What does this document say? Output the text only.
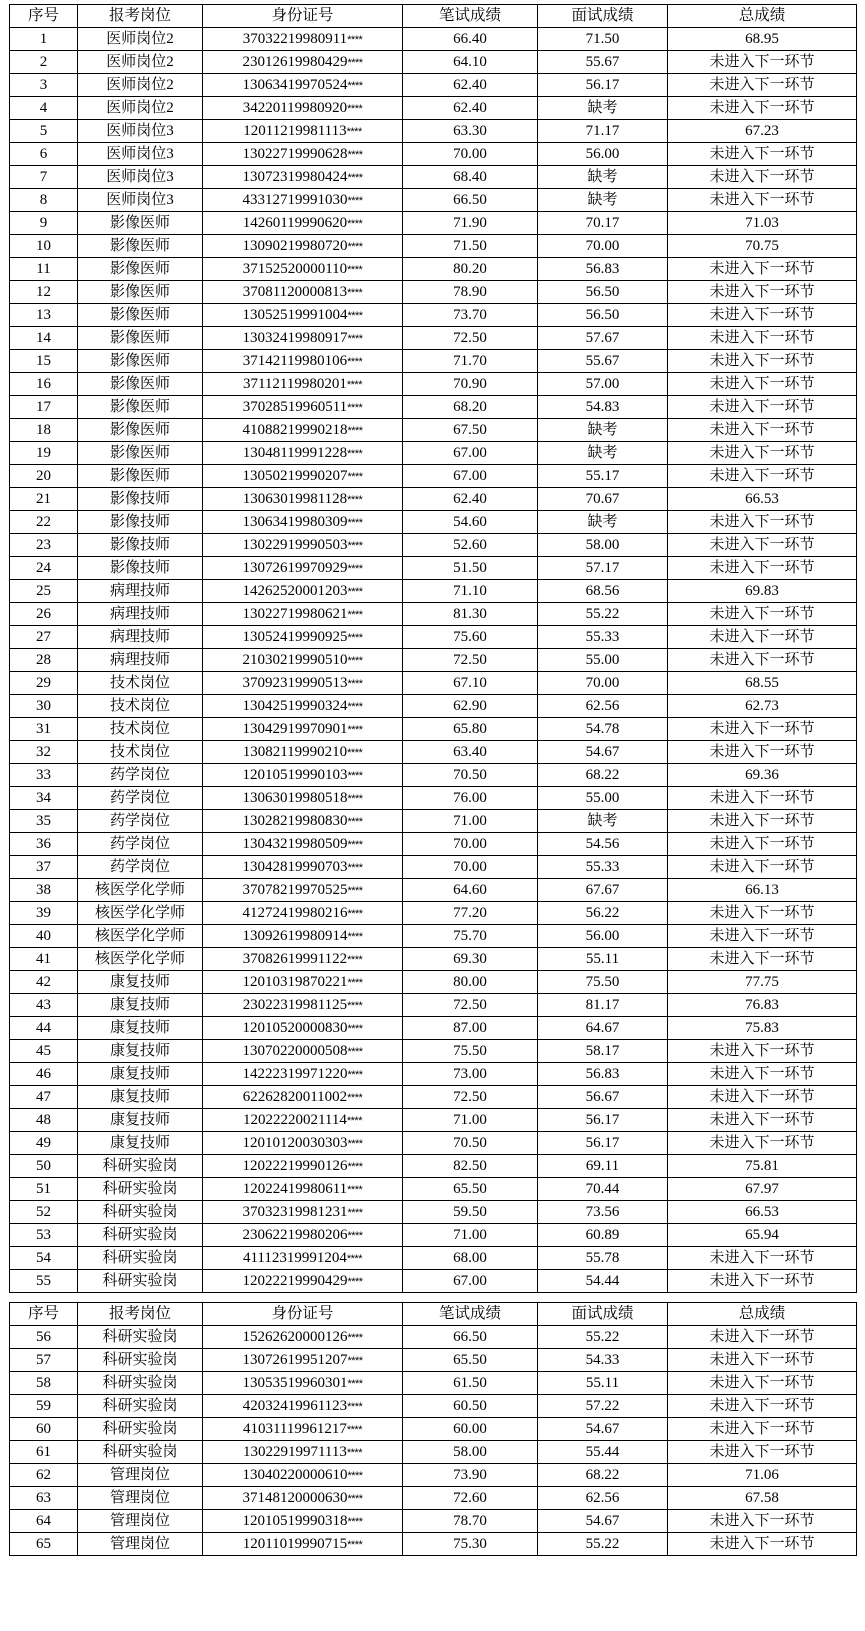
序号	报考岗位	身份证号	笔试成绩	面试成绩	总成绩
1	医师岗位2	37032219980911****	66.40	71.50	68.95
2	医师岗位2	23012619980429****	64.10	55.67	未进入下一环节
3	医师岗位2	13063419970524****	62.40	56.17	未进入下一环节
4	医师岗位2	34220119980920****	62.40	缺考	未进入下一环节
5	医师岗位3	12011219981113****	63.30	71.17	67.23
6	医师岗位3	13022719990628****	70.00	56.00	未进入下一环节
7	医师岗位3	13072319980424****	68.40	缺考	未进入下一环节
8	医师岗位3	43312719991030****	66.50	缺考	未进入下一环节
9	影像医师	14260119990620****	71.90	70.17	71.03
10	影像医师	13090219980720****	71.50	70.00	70.75
11	影像医师	37152520000110****	80.20	56.83	未进入下一环节
12	影像医师	37081120000813****	78.90	56.50	未进入下一环节
13	影像医师	13052519991004****	73.70	56.50	未进入下一环节
14	影像医师	13032419980917****	72.50	57.67	未进入下一环节
15	影像医师	37142119980106****	71.70	55.67	未进入下一环节
16	影像医师	37112119980201****	70.90	57.00	未进入下一环节
17	影像医师	37028519960511****	68.20	54.83	未进入下一环节
18	影像医师	41088219990218****	67.50	缺考	未进入下一环节
19	影像医师	13048119991228****	67.00	缺考	未进入下一环节
20	影像医师	13050219990207****	67.00	55.17	未进入下一环节
21	影像技师	13063019981128****	62.40	70.67	66.53
22	影像技师	13063419980309****	54.60	缺考	未进入下一环节
23	影像技师	13022919990503****	52.60	58.00	未进入下一环节
24	影像技师	13072619970929****	51.50	57.17	未进入下一环节
25	病理技师	14262520001203****	71.10	68.56	69.83
26	病理技师	13022719980621****	81.30	55.22	未进入下一环节
27	病理技师	13052419990925****	75.60	55.33	未进入下一环节
28	病理技师	21030219990510****	72.50	55.00	未进入下一环节
29	技术岗位	37092319990513****	67.10	70.00	68.55
30	技术岗位	13042519990324****	62.90	62.56	62.73
31	技术岗位	13042919970901****	65.80	54.78	未进入下一环节
32	技术岗位	13082119990210****	63.40	54.67	未进入下一环节
33	药学岗位	12010519990103****	70.50	68.22	69.36
34	药学岗位	13063019980518****	76.00	55.00	未进入下一环节
35	药学岗位	13028219980830****	71.00	缺考	未进入下一环节
36	药学岗位	13043219980509****	70.00	54.56	未进入下一环节
37	药学岗位	13042819990703****	70.00	55.33	未进入下一环节
38	核医学化学师	37078219970525****	64.60	67.67	66.13
39	核医学化学师	41272419980216****	77.20	56.22	未进入下一环节
40	核医学化学师	13092619980914****	75.70	56.00	未进入下一环节
41	核医学化学师	37082619991122****	69.30	55.11	未进入下一环节
42	康复技师	12010319870221****	80.00	75.50	77.75
43	康复技师	23022319981125****	72.50	81.17	76.83
44	康复技师	12010520000830****	87.00	64.67	75.83
45	康复技师	13070220000508****	75.50	58.17	未进入下一环节
46	康复技师	14222319971220****	73.00	56.83	未进入下一环节
47	康复技师	62262820011002****	72.50	56.67	未进入下一环节
48	康复技师	12022220021114****	71.00	56.17	未进入下一环节
49	康复技师	12010120030303****	70.50	56.17	未进入下一环节
50	科研实验岗	12022219990126****	82.50	69.11	75.81
51	科研实验岗	12022419980611****	65.50	70.44	67.97
52	科研实验岗	37032319981231****	59.50	73.56	66.53
53	科研实验岗	23062219980206****	71.00	60.89	65.94
54	科研实验岗	41112319991204****	68.00	55.78	未进入下一环节
55	科研实验岗	12022219990429****	67.00	54.44	未进入下一环节
序号	报考岗位	身份证号	笔试成绩	面试成绩	总成绩
56	科研实验岗	15262620000126****	66.50	55.22	未进入下一环节
57	科研实验岗	13072619951207****	65.50	54.33	未进入下一环节
58	科研实验岗	13053519960301****	61.50	55.11	未进入下一环节
59	科研实验岗	42032419961123****	60.50	57.22	未进入下一环节
60	科研实验岗	41031119961217****	60.00	54.67	未进入下一环节
61	科研实验岗	13022919971113****	58.00	55.44	未进入下一环节
62	管理岗位	13040220000610****	73.90	68.22	71.06
63	管理岗位	37148120000630****	72.60	62.56	67.58
64	管理岗位	12010519990318****	78.70	54.67	未进入下一环节
65	管理岗位	12011019990715****	75.30	55.22	未进入下一环节
